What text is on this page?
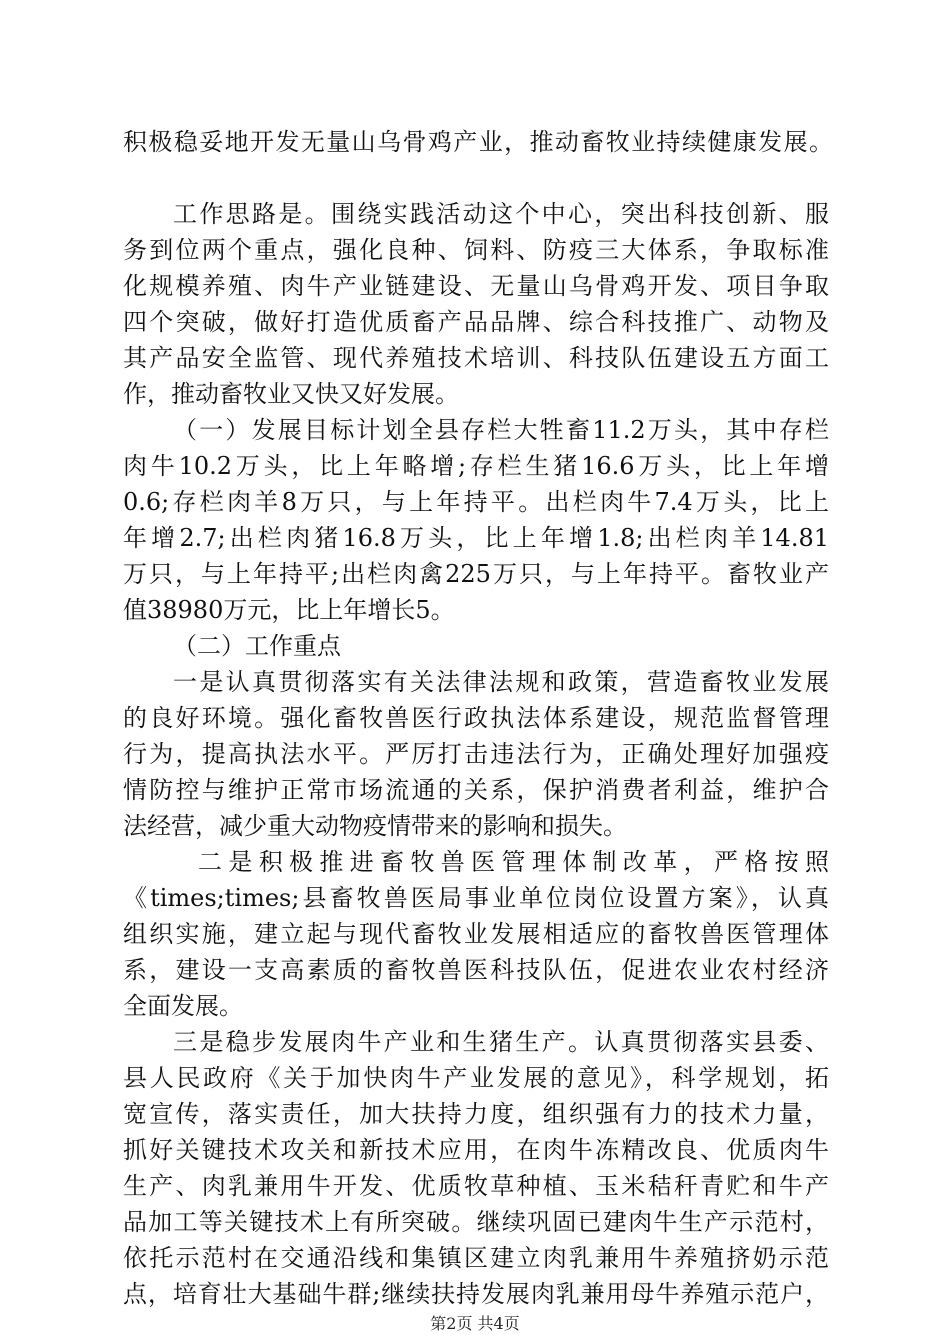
积极稳妥地开发无量山乌骨鸡产业，推动畜牧业持续健康发展。
工作思路是。围绕实践活动这个中心，突出科技创新、服
务到位两个重点，强化良种、饲料、防疫三大体系，争取标准
化规模养殖、肉牛产业链建设、无量山乌骨鸡开发、项目争取
四个突破，做好打造优质畜产品品牌、综合科技推广、动物及
其产品安全监管、现代养殖技术培训、科技队伍建设五方面工
作，推动畜牧业又快又好发展。
（一）发展目标计划全县存栏大牲畜11.2万头，其中存栏
肉牛10.2万头，比上年略增;存栏生猪16.6万头，比上年增
0.6;存栏肉羊8万只，与上年持平。出栏肉牛7.4万头，比上
年增2.7;出栏肉猪16.8万头，比上年增1.8;出栏肉羊14.81
万只，与上年持平;出栏肉禽225万只，与上年持平。畜牧业产
值38980万元，比上年增长5。
（二）工作重点
一是认真贯彻落实有关法律法规和政策，营造畜牧业发展
的良好环境。强化畜牧兽医行政执法体系建设，规范监督管理
行为，提高执法水平。严厉打击违法行为，正确处理好加强疫
情防控与维护正常市场流通的关系，保护消费者利益，维护合
法经营，减少重大动物疫情带来的影响和损失。
二是积极推进畜牧兽医管理体制改革，严格按照
《times;times;县畜牧兽医局事业单位岗位设置方案》，认真
组织实施，建立起与现代畜牧业发展相适应的畜牧兽医管理体
系，建设一支高素质的畜牧兽医科技队伍，促进农业农村经济
全面发展。
三是稳步发展肉牛产业和生猪生产。认真贯彻落实县委、
县人民政府《关于加快肉牛产业发展的意见》，科学规划，拓
宽宣传，落实责任，加大扶持力度，组织强有力的技术力量，
抓好关键技术攻关和新技术应用，在肉牛冻精改良、优质肉牛
生产、肉乳兼用牛开发、优质牧草种植、玉米秸秆青贮和牛产
品加工等关键技术上有所突破。继续巩固已建肉牛生产示范村，
依托示范村在交通沿线和集镇区建立肉乳兼用牛养殖挤奶示范
点，培育壮大基础牛群;继续扶持发展肉乳兼用母牛养殖示范户，
第2页 共4页
